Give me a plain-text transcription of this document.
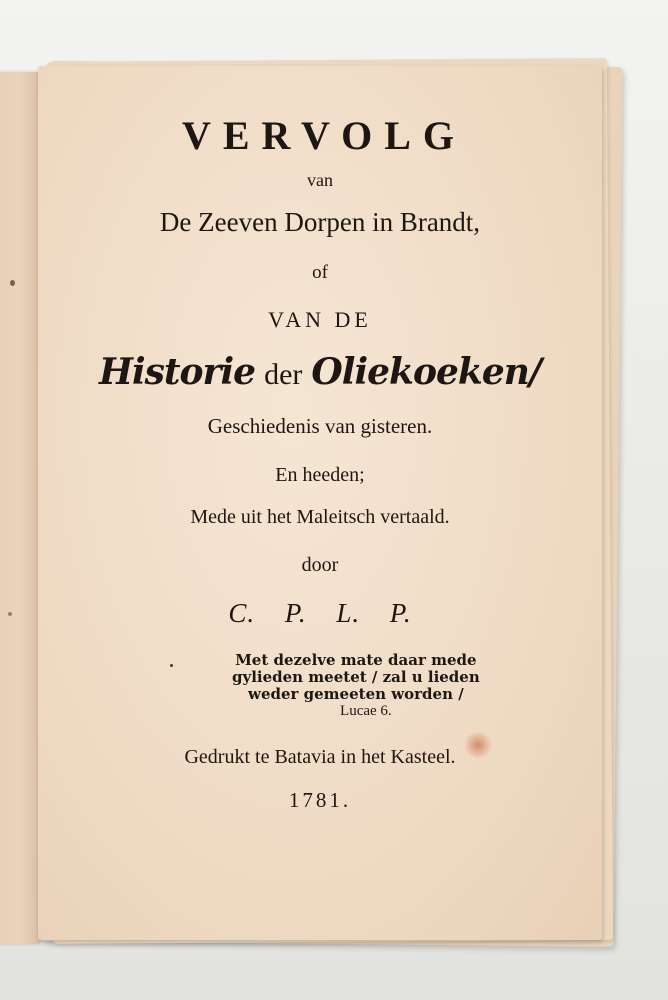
VERVOLG
van
De Zeeven Dorpen in Brandt,
of
VAN DE
Historie der Oliekoeken/
Geschiedenis van gisteren.
En heeden;
Mede uit het Maleitsch vertaald.
door
C. P. L. P.
Met dezelve mate daar mede
gylieden meetet / zal u lieden
weder gemeeten worden /
Lucae 6.
Gedrukt te Batavia in het Kasteel.
1781.
